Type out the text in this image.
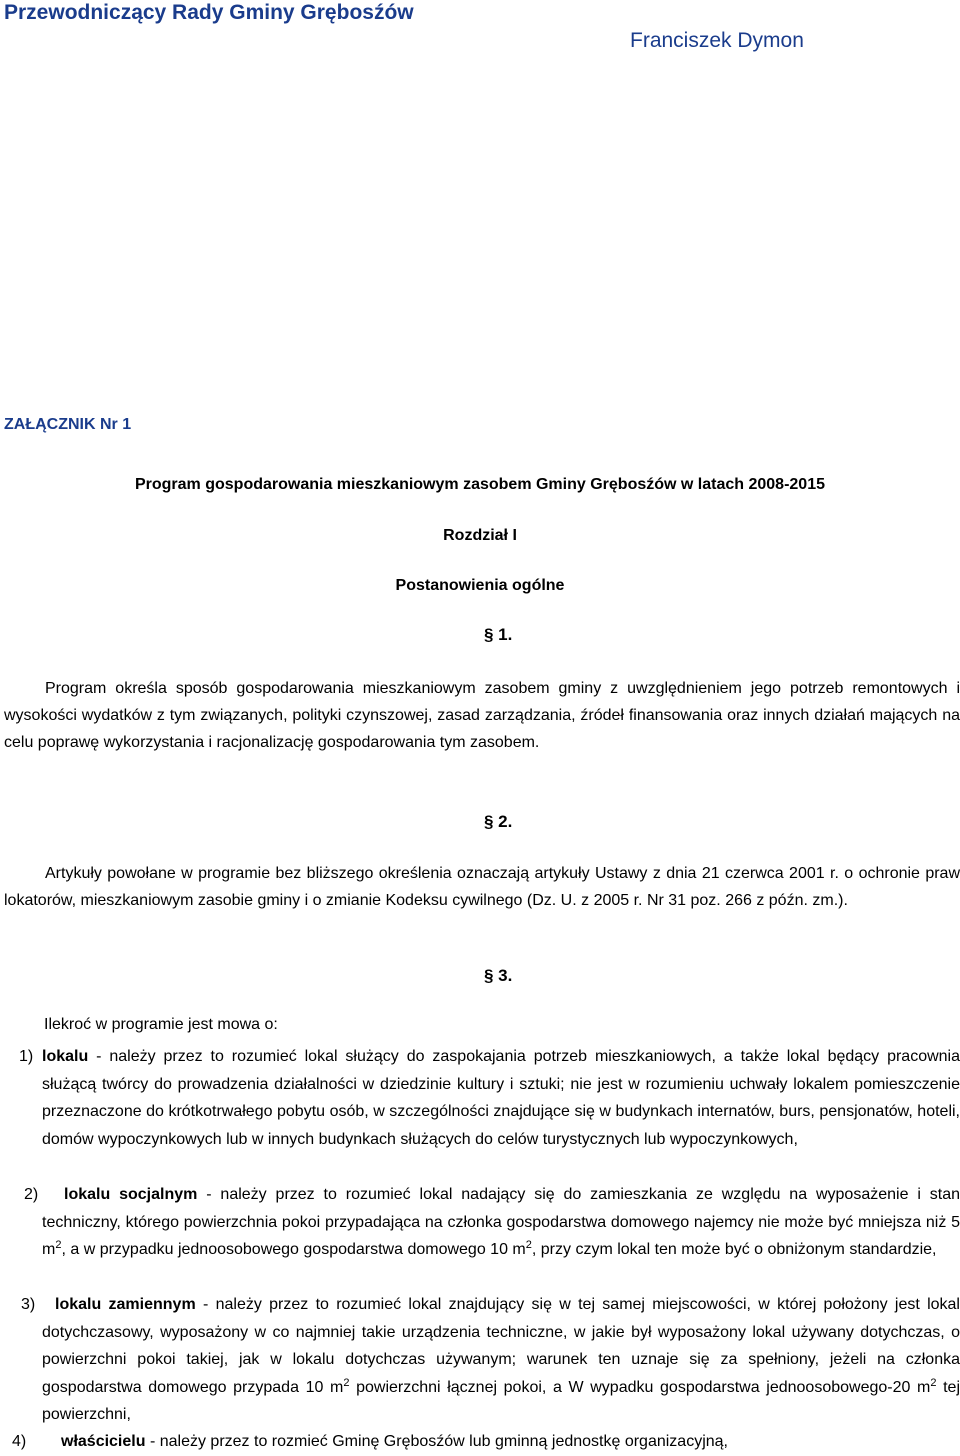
Przewodniczący Rady Gminy Grębosźów
Franciszek Dymon
ZAŁĄCZNIK Nr 1
Program gospodarowania mieszkaniowym zasobem Gminy Grębosźów w latach 2008-2015
Rozdział I
Postanowienia ogólne
§ 1.
Program określa sposób gospodarowania mieszkaniowym zasobem gminy z uwzględnieniem jego potrzeb remontowych i wysokości wydatków z tym związanych, polityki czynszowej, zasad zarządzania, źródeł finansowania oraz innych działań mających na celu poprawę wykorzystania i racjonalizację gospodarowania tym zasobem.
§ 2.
Artykuły powołane w programie bez bliższego określenia oznaczają artykuły Ustawy z dnia 21 czerwca 2001 r. o ochronie praw lokatorów, mieszkaniowym zasobie gminy i o zmianie Kodeksu cywilnego (Dz. U. z 2005 r. Nr 31 poz. 266 z późn. zm.).
§ 3.
Ilekroć w programie jest mowa o:
1) lokalu - należy przez to rozumieć lokal służący do zaspokajania potrzeb mieszkaniowych, a także lokal będący pracownia służącą twórcy do prowadzenia działalności w dziedzinie kultury i sztuki; nie jest w rozumieniu uchwały lokalem pomieszczenie przeznaczone do krótkotrwałego pobytu osób, w szczególności znajdujące się w budynkach internatów, burs, pensjonatów, hoteli, domów wypoczynkowych lub w innych budynkach służących do celów turystycznych lub wypoczynkowych,
2)	lokalu socjalnym - należy przez to rozumieć lokal nadający się do zamieszkania ze względu na wyposażenie i stan techniczny, którego powierzchnia pokoi przypadająca na członka gospodarstwa domowego najemcy nie może być mniejsza niż 5 $m^2$, a w przypadku jednoosobowego gospodarstwa domowego 10 $m^2$, przy czym lokal ten może być o obniżonym standardzie,
3)	lokalu zamiennym - należy przez to rozumieć lokal znajdujący się w tej samej miejscowości, w której położony jest lokal dotychczasowy, wyposażony w co najmniej takie urządzenia techniczne, w jakie był wyposażony lokal używany dotychczas, o powierzchni pokoi takiej, jak w lokalu dotychczas używanym; warunek ten uznaje się za spełniony, jeżeli na członka gospodarstwa domowego przypada 10 $m^2$ powierzchni łącznej pokoi, a W wypadku gospodarstwa jednoosobowego-20 $m^2$ tej powierzchni,
4) właścicielu - należy przez to rozmieć Gminę Grębosźów lub gminną jednostkę organizacyjną,
